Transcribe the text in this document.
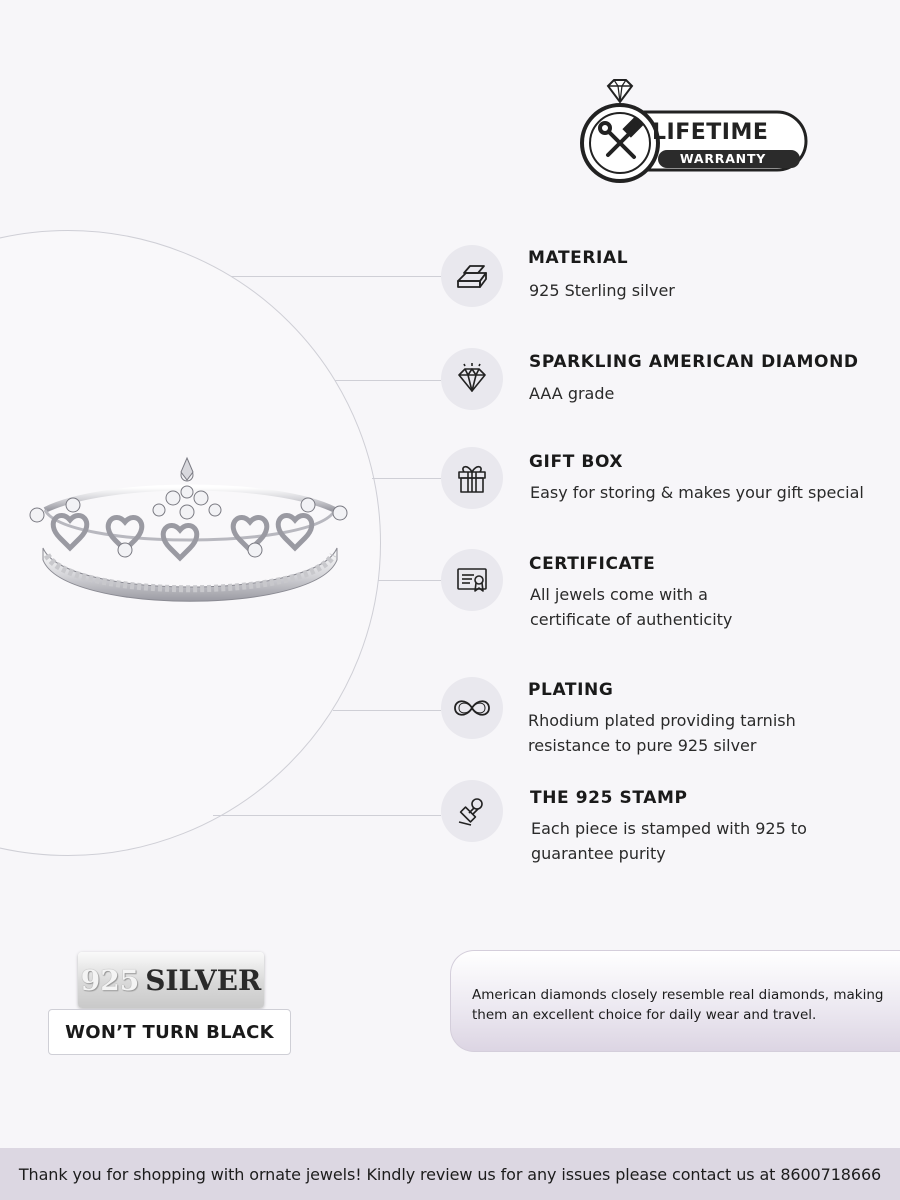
LIFETIME
WARRANTY
MATERIAL
925 Sterling silver
SPARKLING AMERICAN DIAMOND
AAA grade
GIFT BOX
Easy for storing & makes your gift special
CERTIFICATE
All jewels come with a
certificate of authenticity
PLATING
Rhodium plated providing tarnish
resistance to pure 925 silver
THE 925 STAMP
Each piece is stamped with 925 to
guarantee purity
925 SILVER
WON’T TURN BLACK
American diamonds closely resemble real diamonds, making them an excellent choice for daily wear and travel.
Thank you for shopping with ornate jewels! Kindly review us for any issues please contact us at 8600718666
